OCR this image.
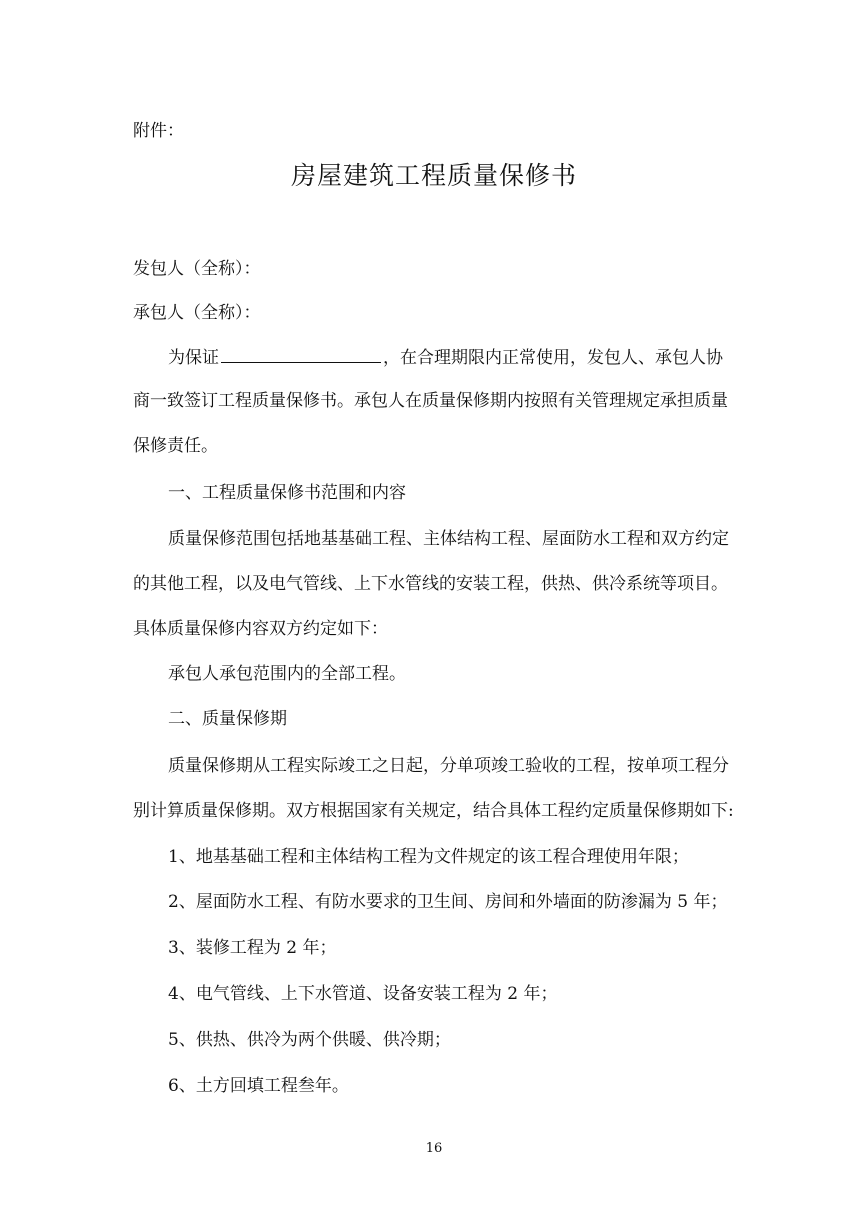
附件：
房屋建筑工程质量保修书
发包人（全称）：
承包人（全称）：
为保证	，在合理期限内正常使用，发包人、承包人协
商一致签订工程质量保修书。承包人在质量保修期内按照有关管理规定承担质量
保修责任。
一、工程质量保修书范围和内容
质量保修范围包括地基基础工程、主体结构工程、屋面防水工程和双方约定
的其他工程，以及电气管线、上下水管线的安装工程，供热、供冷系统等项目。
具体质量保修内容双方约定如下：
承包人承包范围内的全部工程。
二、质量保修期
质量保修期从工程实际竣工之日起，分单项竣工验收的工程，按单项工程分
别计算质量保修期。双方根据国家有关规定，结合具体工程约定质量保修期如下:
1、地基基础工程和主体结构工程为文件规定的该工程合理使用年限；
2、屋面防水工程、有防水要求的卫生间、房间和外墙面的防渗漏为 5 年；
3、装修工程为 2 年；
4、电气管线、上下水管道、设备安装工程为 2 年；
5、供热、供冷为两个供暖、供冷期；
6、土方回填工程叁年。
16
